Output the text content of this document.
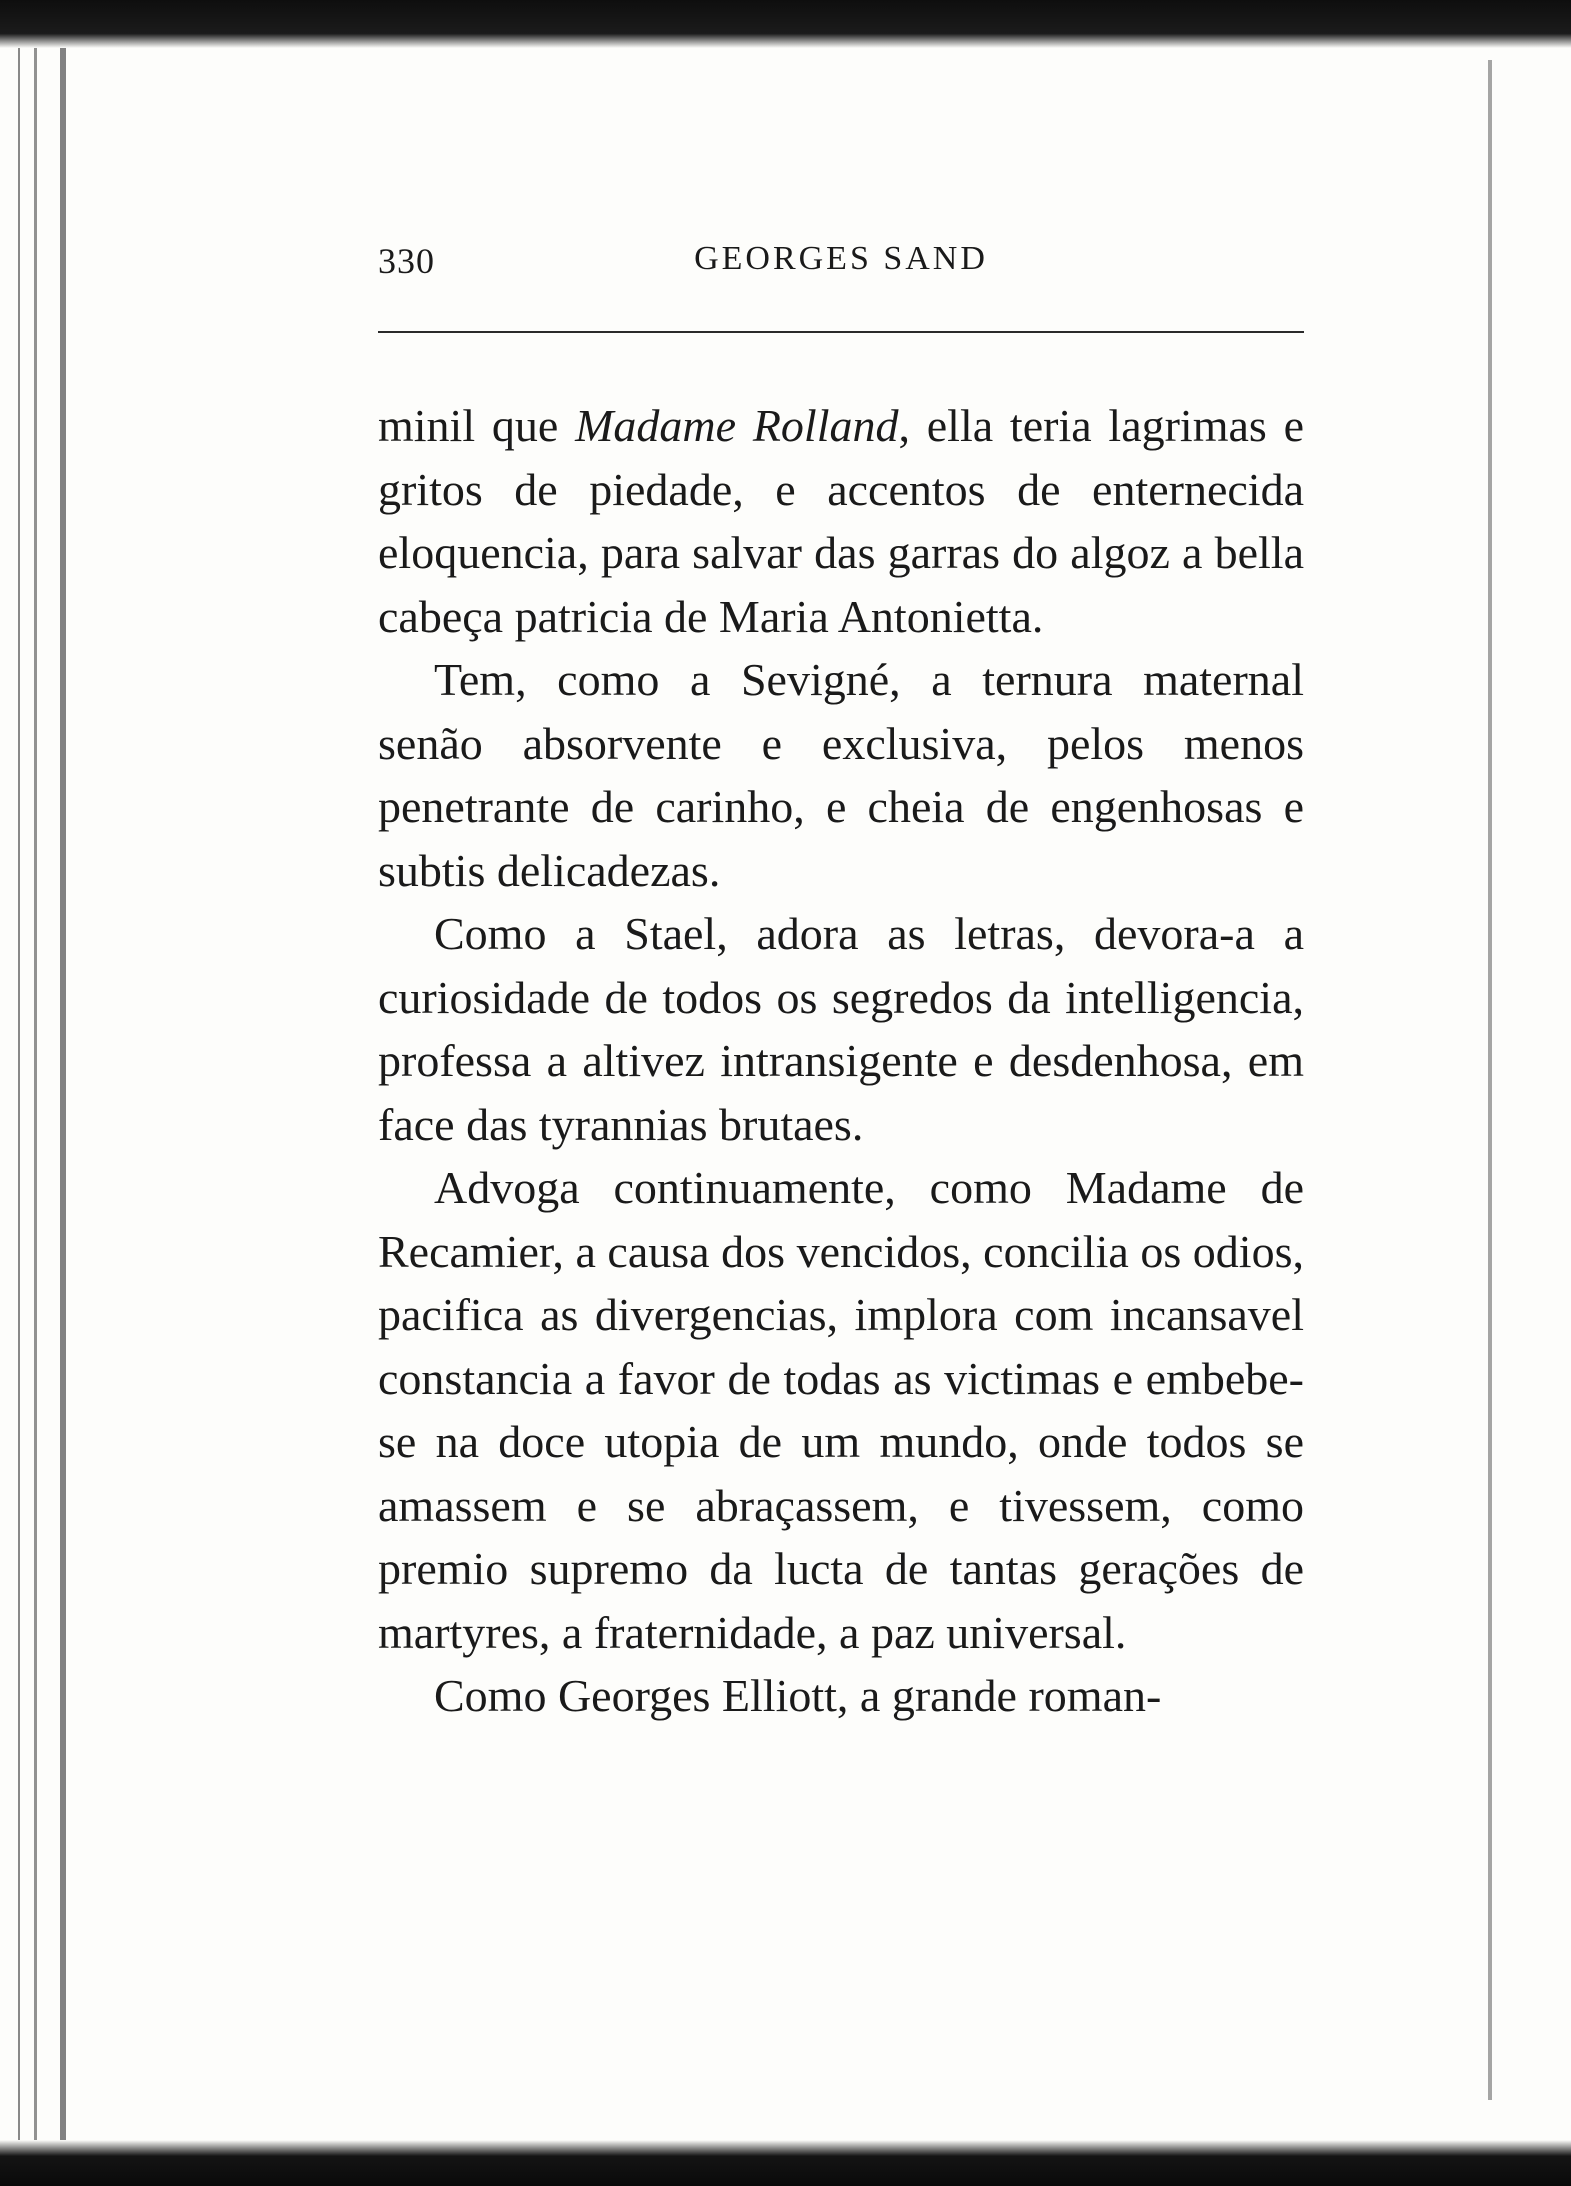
330	GEORGES SAND

minil que Madame Rolland, ella teria lagrimas e gritos de piedade, e accentos de enternecida eloquencia, para salvar das garras do algoz a bella cabeça patricia de Maria Antonietta.

Tem, como a Sevigné, a ternura maternal senão absorvente e exclusiva, pelos menos penetrante de carinho, e cheia de engenhosas e subtis delicadezas.

Como a Stael, adora as letras, devora-a a curiosidade de todos os segredos da intelligencia, professa a altivez intransigente e desdenhosa, em face das tyrannias brutaes.

Advoga continuamente, como Madame de Recamier, a causa dos vencidos, concilia os odios, pacifica as divergencias, implora com incansavel constancia a favor de todas as victimas e embebe-se na doce utopia de um mundo, onde todos se amassem e se abraçassem, e tivessem, como premio supremo da lucta de tantas gerações de martyres, a fraternidade, a paz universal.

Como Georges Elliott, a grande roman-
